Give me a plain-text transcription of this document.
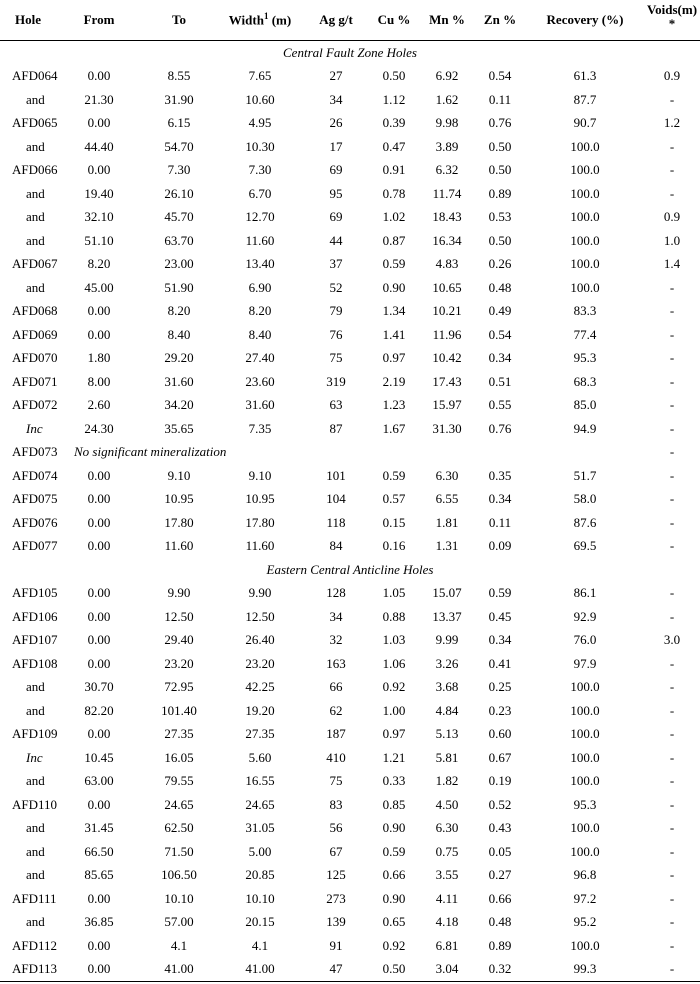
Hole	From	To	Width$^1$ (m)	Ag g/t	Cu %	Mn %	Zn %	Recovery (%)	Voids(m)
*
Central Fault Zone Holes									
AFD064	0.00	8.55	7.65	27	0.50	6.92	0.54	61.3	0.9
and	21.30	31.90	10.60	34	1.12	1.62	0.11	87.7	-
AFD065	0.00	6.15	4.95	26	0.39	9.98	0.76	90.7	1.2
and	44.40	54.70	10.30	17	0.47	3.89	0.50	100.0	-
AFD066	0.00	7.30	7.30	69	0.91	6.32	0.50	100.0	-
and	19.40	26.10	6.70	95	0.78	11.74	0.89	100.0	-
and	32.10	45.70	12.70	69	1.02	18.43	0.53	100.0	0.9
and	51.10	63.70	11.60	44	0.87	16.34	0.50	100.0	1.0
AFD067	8.20	23.00	13.40	37	0.59	4.83	0.26	100.0	1.4
and	45.00	51.90	6.90	52	0.90	10.65	0.48	100.0	-
AFD068	0.00	8.20	8.20	79	1.34	10.21	0.49	83.3	-
AFD069	0.00	8.40	8.40	76	1.41	11.96	0.54	77.4	-
AFD070	1.80	29.20	27.40	75	0.97	10.42	0.34	95.3	-
AFD071	8.00	31.60	23.60	319	2.19	17.43	0.51	68.3	-
AFD072	2.60	34.20	31.60	63	1.23	15.97	0.55	85.0	-
Inc	24.30	35.65	7.35	87	1.67	31.30	0.76	94.9	-
AFD073	No significant mineralization								-
AFD074	0.00	9.10	9.10	101	0.59	6.30	0.35	51.7	-
AFD075	0.00	10.95	10.95	104	0.57	6.55	0.34	58.0	-
AFD076	0.00	17.80	17.80	118	0.15	1.81	0.11	87.6	-
AFD077	0.00	11.60	11.60	84	0.16	1.31	0.09	69.5	-
Eastern Central Anticline Holes									
AFD105	0.00	9.90	9.90	128	1.05	15.07	0.59	86.1	-
AFD106	0.00	12.50	12.50	34	0.88	13.37	0.45	92.9	-
AFD107	0.00	29.40	26.40	32	1.03	9.99	0.34	76.0	3.0
AFD108	0.00	23.20	23.20	163	1.06	3.26	0.41	97.9	-
and	30.70	72.95	42.25	66	0.92	3.68	0.25	100.0	-
and	82.20	101.40	19.20	62	1.00	4.84	0.23	100.0	-
AFD109	0.00	27.35	27.35	187	0.97	5.13	0.60	100.0	-
Inc	10.45	16.05	5.60	410	1.21	5.81	0.67	100.0	-
and	63.00	79.55	16.55	75	0.33	1.82	0.19	100.0	-
AFD110	0.00	24.65	24.65	83	0.85	4.50	0.52	95.3	-
and	31.45	62.50	31.05	56	0.90	6.30	0.43	100.0	-
and	66.50	71.50	5.00	67	0.59	0.75	0.05	100.0	-
and	85.65	106.50	20.85	125	0.66	3.55	0.27	96.8	-
AFD111	0.00	10.10	10.10	273	0.90	4.11	0.66	97.2	-
and	36.85	57.00	20.15	139	0.65	4.18	0.48	95.2	-
AFD112	0.00	4.1	4.1	91	0.92	6.81	0.89	100.0	-
AFD113	0.00	41.00	41.00	47	0.50	3.04	0.32	99.3	-
